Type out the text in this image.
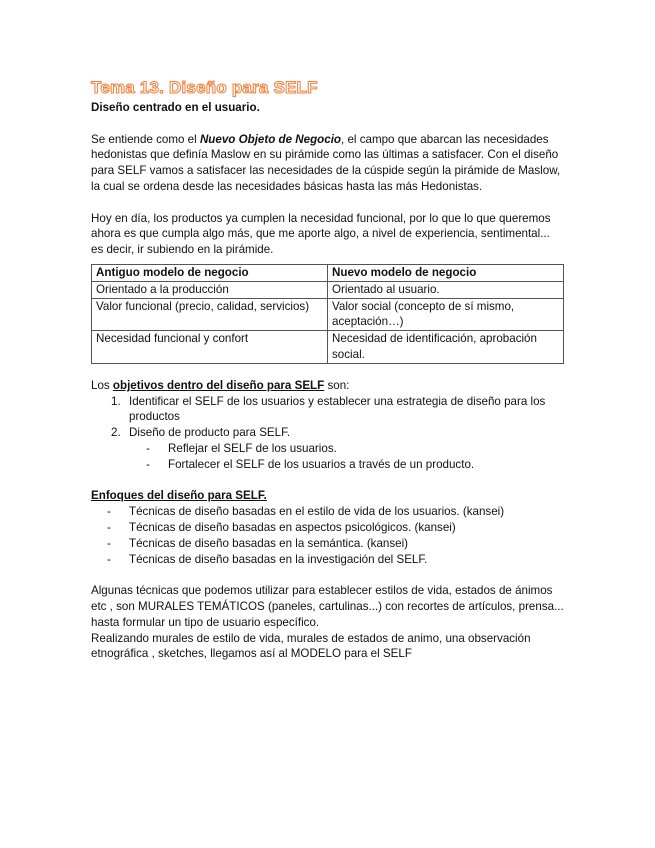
Tema 13. Diseño para SELF
Diseño centrado en el usuario.
Se entiende como el Nuevo Objeto de Negocio, el campo que abarcan las necesidades
hedonistas que definía Maslow en su pirámide como las últimas a satisfacer. Con el diseño
para SELF vamos a satisfacer las necesidades de la cúspide según la pirámide de Maslow,
la cual se ordena desde las necesidades básicas hasta las más Hedonistas.
Hoy en día, los productos ya cumplen la necesidad funcional, por lo que lo que queremos
ahora es que cumpla algo más, que me aporte algo, a nivel de experiencia, sentimental...
es decir, ir subiendo en la pirámide.
Antiguo modelo de negocio	Nuevo modelo de negocio
Orientado a la producción	Orientado al usuario.
Valor funcional (precio, calidad, servicios)	Valor social (concepto de sí mismo, aceptación…)
Necesidad funcional y confort	Necesidad de identificación, aprobación social.
Los objetivos dentro del diseño para SELF son:
1. Identificar el SELF de los usuarios y establecer una estrategia de diseño para los
productos
2. Diseño de producto para SELF.
- Reflejar el SELF de los usuarios.
- Fortalecer el SELF de los usuarios a través de un producto.
Enfoques del diseño para SELF.
- Técnicas de diseño basadas en el estilo de vida de los usuarios. (kansei)
- Técnicas de diseño basadas en aspectos psicológicos. (kansei)
- Técnicas de diseño basadas en la semántica. (kansei)
- Técnicas de diseño basadas en la investigación del SELF.
Algunas técnicas que podemos utilizar para establecer estilos de vida, estados de ánimos
etc , son MURALES TEMÁTICOS (paneles, cartulinas...) con recortes de artículos, prensa...
hasta formular un tipo de usuario específico.
Realizando murales de estilo de vida, murales de estados de animo, una observación
etnográfica , sketches, llegamos así al MODELO para el SELF
